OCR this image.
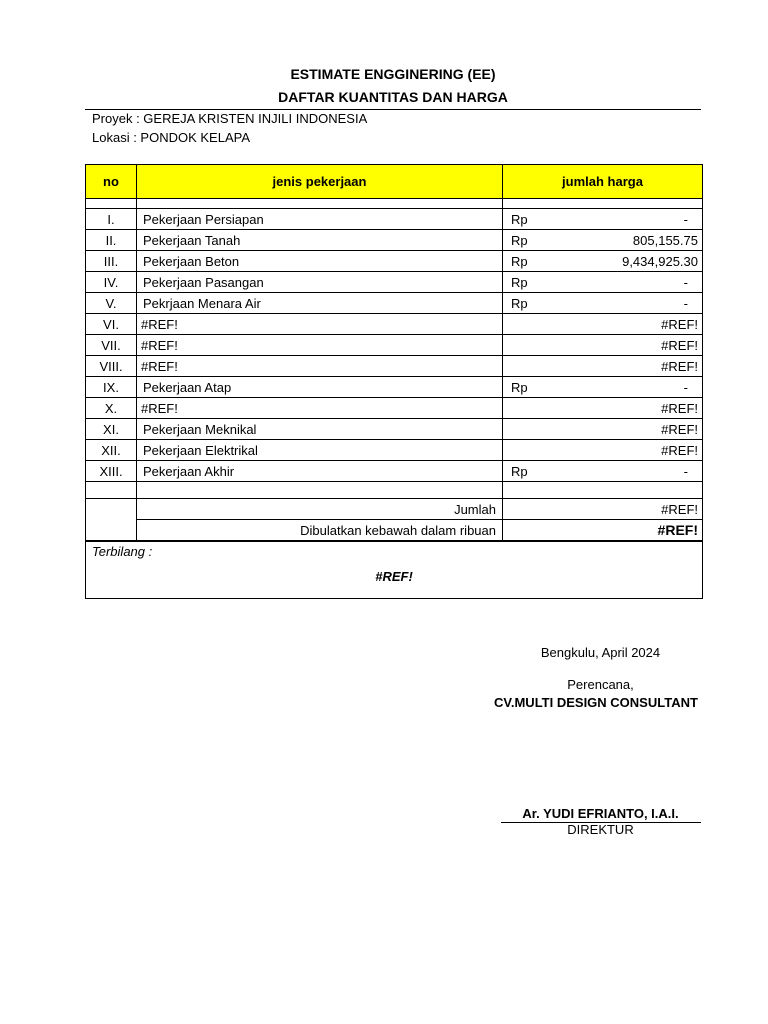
ESTIMATE ENGGINERING (EE)
DAFTAR KUANTITAS DAN HARGA
Proyek : GEREJA KRISTEN INJILI INDONESIA
Lokasi : PONDOK KELAPA
no	jenis pekerjaan	jumlah harga

I.	Pekerjaan Persiapan	Rp -

II.	Pekerjaan Tanah	Rp 805,155.75

III.	Pekerjaan Beton	Rp 9,434,925.30

IV.	Pekerjaan Pasangan	Rp -

V.	Pekrjaan Menara Air	Rp -

VI.	#REF!	#REF!

VII.	#REF!	#REF!

VIII.	#REF!	#REF!

IX.	Pekerjaan Atap	Rp -

X.	#REF!	#REF!

XI.	Pekerjaan Meknikal	#REF!

XII.	Pekerjaan Elektrikal	#REF!

XIII.	Pekerjaan Akhir	Rp -

	Jumlah	#REF!
	Dibulatkan kebawah dalam ribuan	#REF!

Terbilang :
#REF!		
Bengkulu, April 2024
Perencana,
CV.MULTI DESIGN CONSULTANT
Ar. YUDI EFRIANTO, I.A.I.
DIREKTUR
